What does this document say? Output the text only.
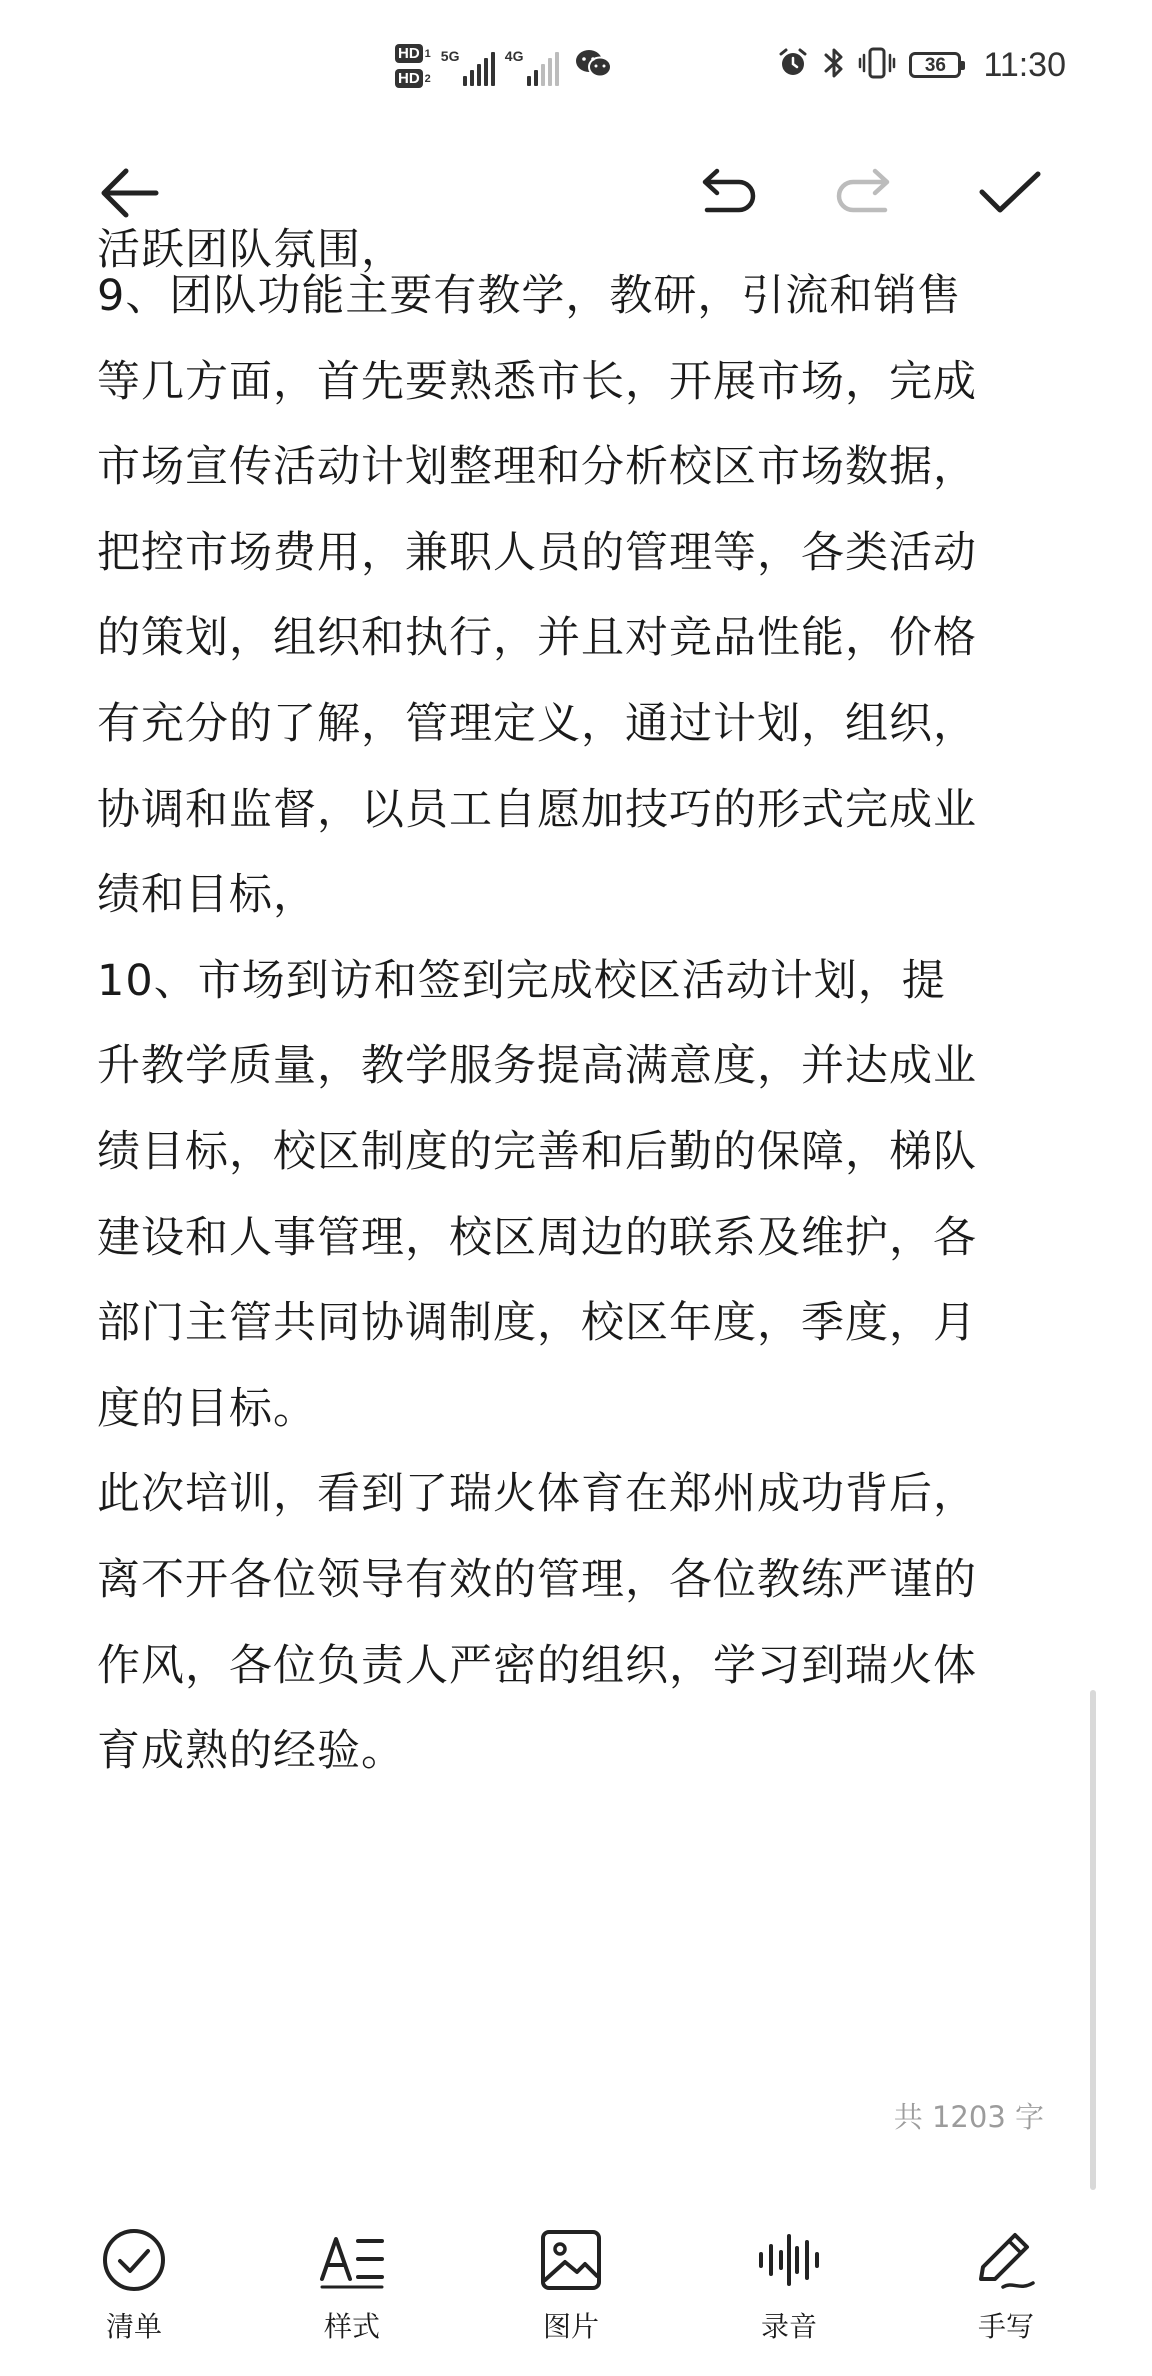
HD 1
HD 2
5G	4G	36 11:30
活跃团队氛围，

9、团队功能主要有教学，教研，引流和销售

等几方面，首先要熟悉市长，开展市场，完成

市场宣传活动计划整理和分析校区市场数据，

把控市场费用，兼职人员的管理等，各类活动

的策划，组织和执行，并且对竞品性能，价格

有充分的了解，管理定义，通过计划，组织，

协调和监督，以员工自愿加技巧的形式完成业

绩和目标，

10、市场到访和签到完成校区活动计划，提

升教学质量，教学服务提高满意度，并达成业

绩目标，校区制度的完善和后勤的保障，梯队

建设和人事管理，校区周边的联系及维护，各

部门主管共同协调制度，校区年度，季度，月

度的目标。

此次培训，看到了瑞火体育在郑州成功背后，

离不开各位领导有效的管理，各位教练严谨的

作风，各位负责人严密的组织，学习到瑞火体

育成熟的经验。

共 1203 字
清单	样式	图片	录音	手写
